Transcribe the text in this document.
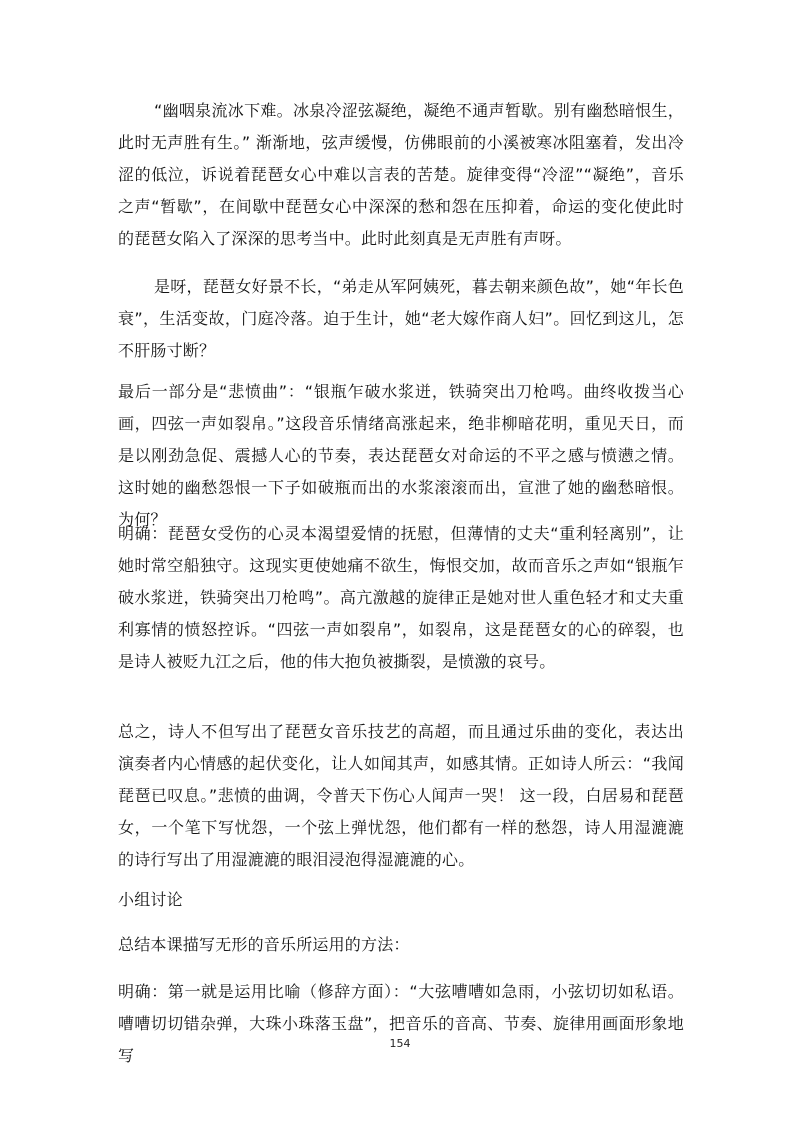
“幽咽泉流冰下难。冰泉冷涩弦凝绝，凝绝不通声暂歇。别有幽愁暗恨生，此时无声胜有生。” 渐渐地，弦声缓慢，仿佛眼前的小溪被寒冰阻塞着，发出冷涩的低泣，诉说着琵琶女心中难以言表的苦楚。旋律变得“冷涩”“凝绝”，音乐之声“暂歇”，在间歇中琵琶女心中深深的愁和怨在压抑着，命运的变化使此时的琵琶女陷入了深深的思考当中。此时此刻真是无声胜有声呀。

是呀，琵琶女好景不长，“弟走从军阿姨死，暮去朝来颜色故”，她“年长色衰”，生活变故，门庭冷落。迫于生计，她“老大嫁作商人妇”。回忆到这儿，怎不肝肠寸断？

最后一部分是“悲愤曲”：“银瓶乍破水浆迸，铁骑突出刀枪鸣。曲终收拨当心画，四弦一声如裂帛。”这段音乐情绪高涨起来，绝非柳暗花明，重见天日，而是以刚劲急促、震撼人心的节奏，表达琵琶女对命运的不平之感与愤懑之情。这时她的幽愁怨恨一下子如破瓶而出的水浆滚滚而出，宣泄了她的幽愁暗恨。为何？

明确：琵琶女受伤的心灵本渴望爱情的抚慰，但薄情的丈夫“重利轻离别”，让她时常空船独守。这现实更使她痛不欲生，悔恨交加，故而音乐之声如“银瓶乍破水浆迸，铁骑突出刀枪鸣”。高亢激越的旋律正是她对世人重色轻才和丈夫重利寡情的愤怒控诉。“四弦一声如裂帛”，如裂帛，这是琵琶女的心的碎裂，也是诗人被贬九江之后，他的伟大抱负被撕裂，是愤激的哀号。

总之，诗人不但写出了琵琶女音乐技艺的高超，而且通过乐曲的变化，表达出演奏者内心情感的起伏变化，让人如闻其声，如感其情。正如诗人所云：“我闻琵琶已叹息。”悲愤的曲调，令普天下伤心人闻声一哭！ 这一段，白居易和琵琶女，一个笔下写忧怨，一个弦上弹忧怨，他们都有一样的愁怨，诗人用湿漉漉的诗行写出了用湿漉漉的眼泪浸泡得湿漉漉的心。

小组讨论

总结本课描写无形的音乐所运用的方法：

明确：第一就是运用比喻（修辞方面）：“大弦嘈嘈如急雨，小弦切切如私语。嘈嘈切切错杂弹，大珠小珠落玉盘”，把音乐的音高、节奏、旋律用画面形象地写

154
